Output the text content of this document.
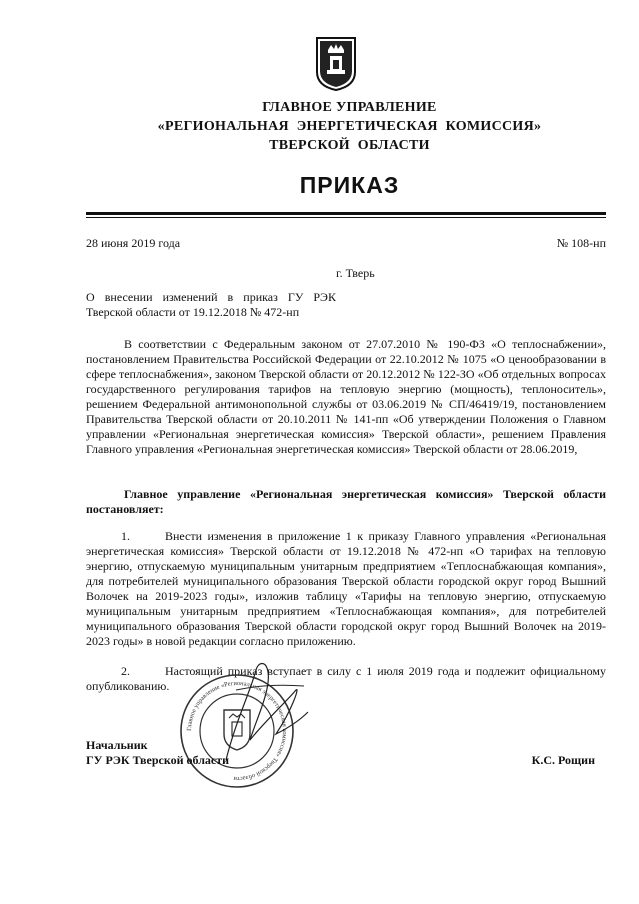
ГЛАВНОЕ УПРАВЛЕНИЕ
«РЕГИОНАЛЬНАЯ ЭНЕРГЕТИЧЕСКАЯ КОМИССИЯ»
ТВЕРСКОЙ ОБЛАСТИ
ПРИКАЗ
28 июня 2019 года	№ 108-нп
г. Тверь
О внесении изменений в приказ ГУ РЭК Тверской области от 19.12.2018 № 472-нп
В соответствии с Федеральным законом от 27.07.2010 № 190-ФЗ «О теплоснабжении», постановлением Правительства Российской Федерации от 22.10.2012 № 1075 «О ценообразовании в сфере теплоснабжения», законом Тверской области от 20.12.2012 № 122-ЗО «Об отдельных вопросах государственного регулирования тарифов на тепловую энергию (мощность), теплоноситель», решением Федеральной антимонопольной службы от 03.06.2019 № СП/46419/19, постановлением Правительства Тверской области от 20.10.2011 № 141-пп «Об утверждении Положения о Главном управлении «Региональная энергетическая комиссия» Тверской области», решением Правления Главного управления «Региональная энергетическая комиссия» Тверской области от 28.06.2019,
Главное управление «Региональная энергетическая комиссия» Тверской области постановляет:
1.	Внести изменения в приложение 1 к приказу Главного управления «Региональная энергетическая комиссия» Тверской области от 19.12.2018 № 472-нп «О тарифах на тепловую энергию, отпускаемую муниципальным унитарным предприятием «Теплоснабжающая компания», для потребителей муниципального образования Тверской области городской округ город Вышний Волочек на 2019-2023 годы», изложив таблицу «Тарифы на тепловую энергию, отпускаемую муниципальным унитарным предприятием «Теплоснабжающая компания», для потребителей муниципального образования Тверской области городской округ город Вышний Волочек на 2019-2023 годы» в новой редакции согласно приложению.
2.	Настоящий приказ вступает в силу с 1 июля 2019 года и подлежит официальному опубликованию.
Главное управление «Региональная энергетическая комиссия» Тверской области
Начальник
ГУ РЭК Тверской области	К.С. Рощин
